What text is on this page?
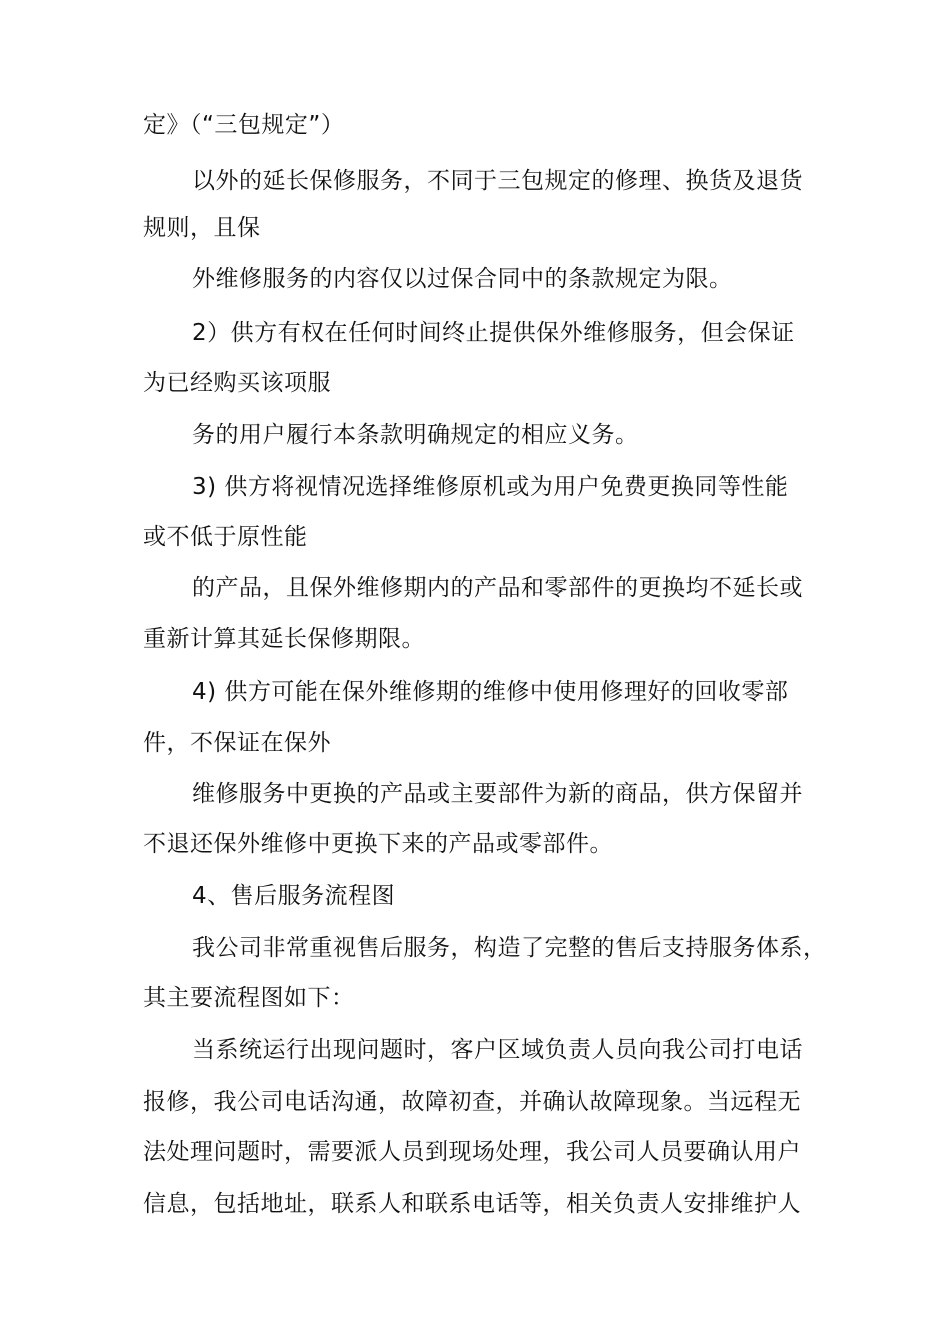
定》（“三包规定”）
以外的延长保修服务，不同于三包规定的修理、换货及退货
规则，且保
外维修服务的内容仅以过保合同中的条款规定为限。
2）供方有权在任何时间终止提供保外维修服务，但会保证
为已经购买该项服
务的用户履行本条款明确规定的相应义务。
3) 供方将视情况选择维修原机或为用户免费更换同等性能
或不低于原性能
的产品，且保外维修期内的产品和零部件的更换均不延长或
重新计算其延长保修期限。
4) 供方可能在保外维修期的维修中使用修理好的回收零部
件，不保证在保外
维修服务中更换的产品或主要部件为新的商品，供方保留并
不退还保外维修中更换下来的产品或零部件。
4、售后服务流程图
我公司非常重视售后服务，构造了完整的售后支持服务体系，
其主要流程图如下：
当系统运行出现问题时，客户区域负责人员向我公司打电话
报修，我公司电话沟通，故障初查，并确认故障现象。当远程无
法处理问题时，需要派人员到现场处理，我公司人员要确认用户
信息，包括地址，联系人和联系电话等，相关负责人安排维护人
